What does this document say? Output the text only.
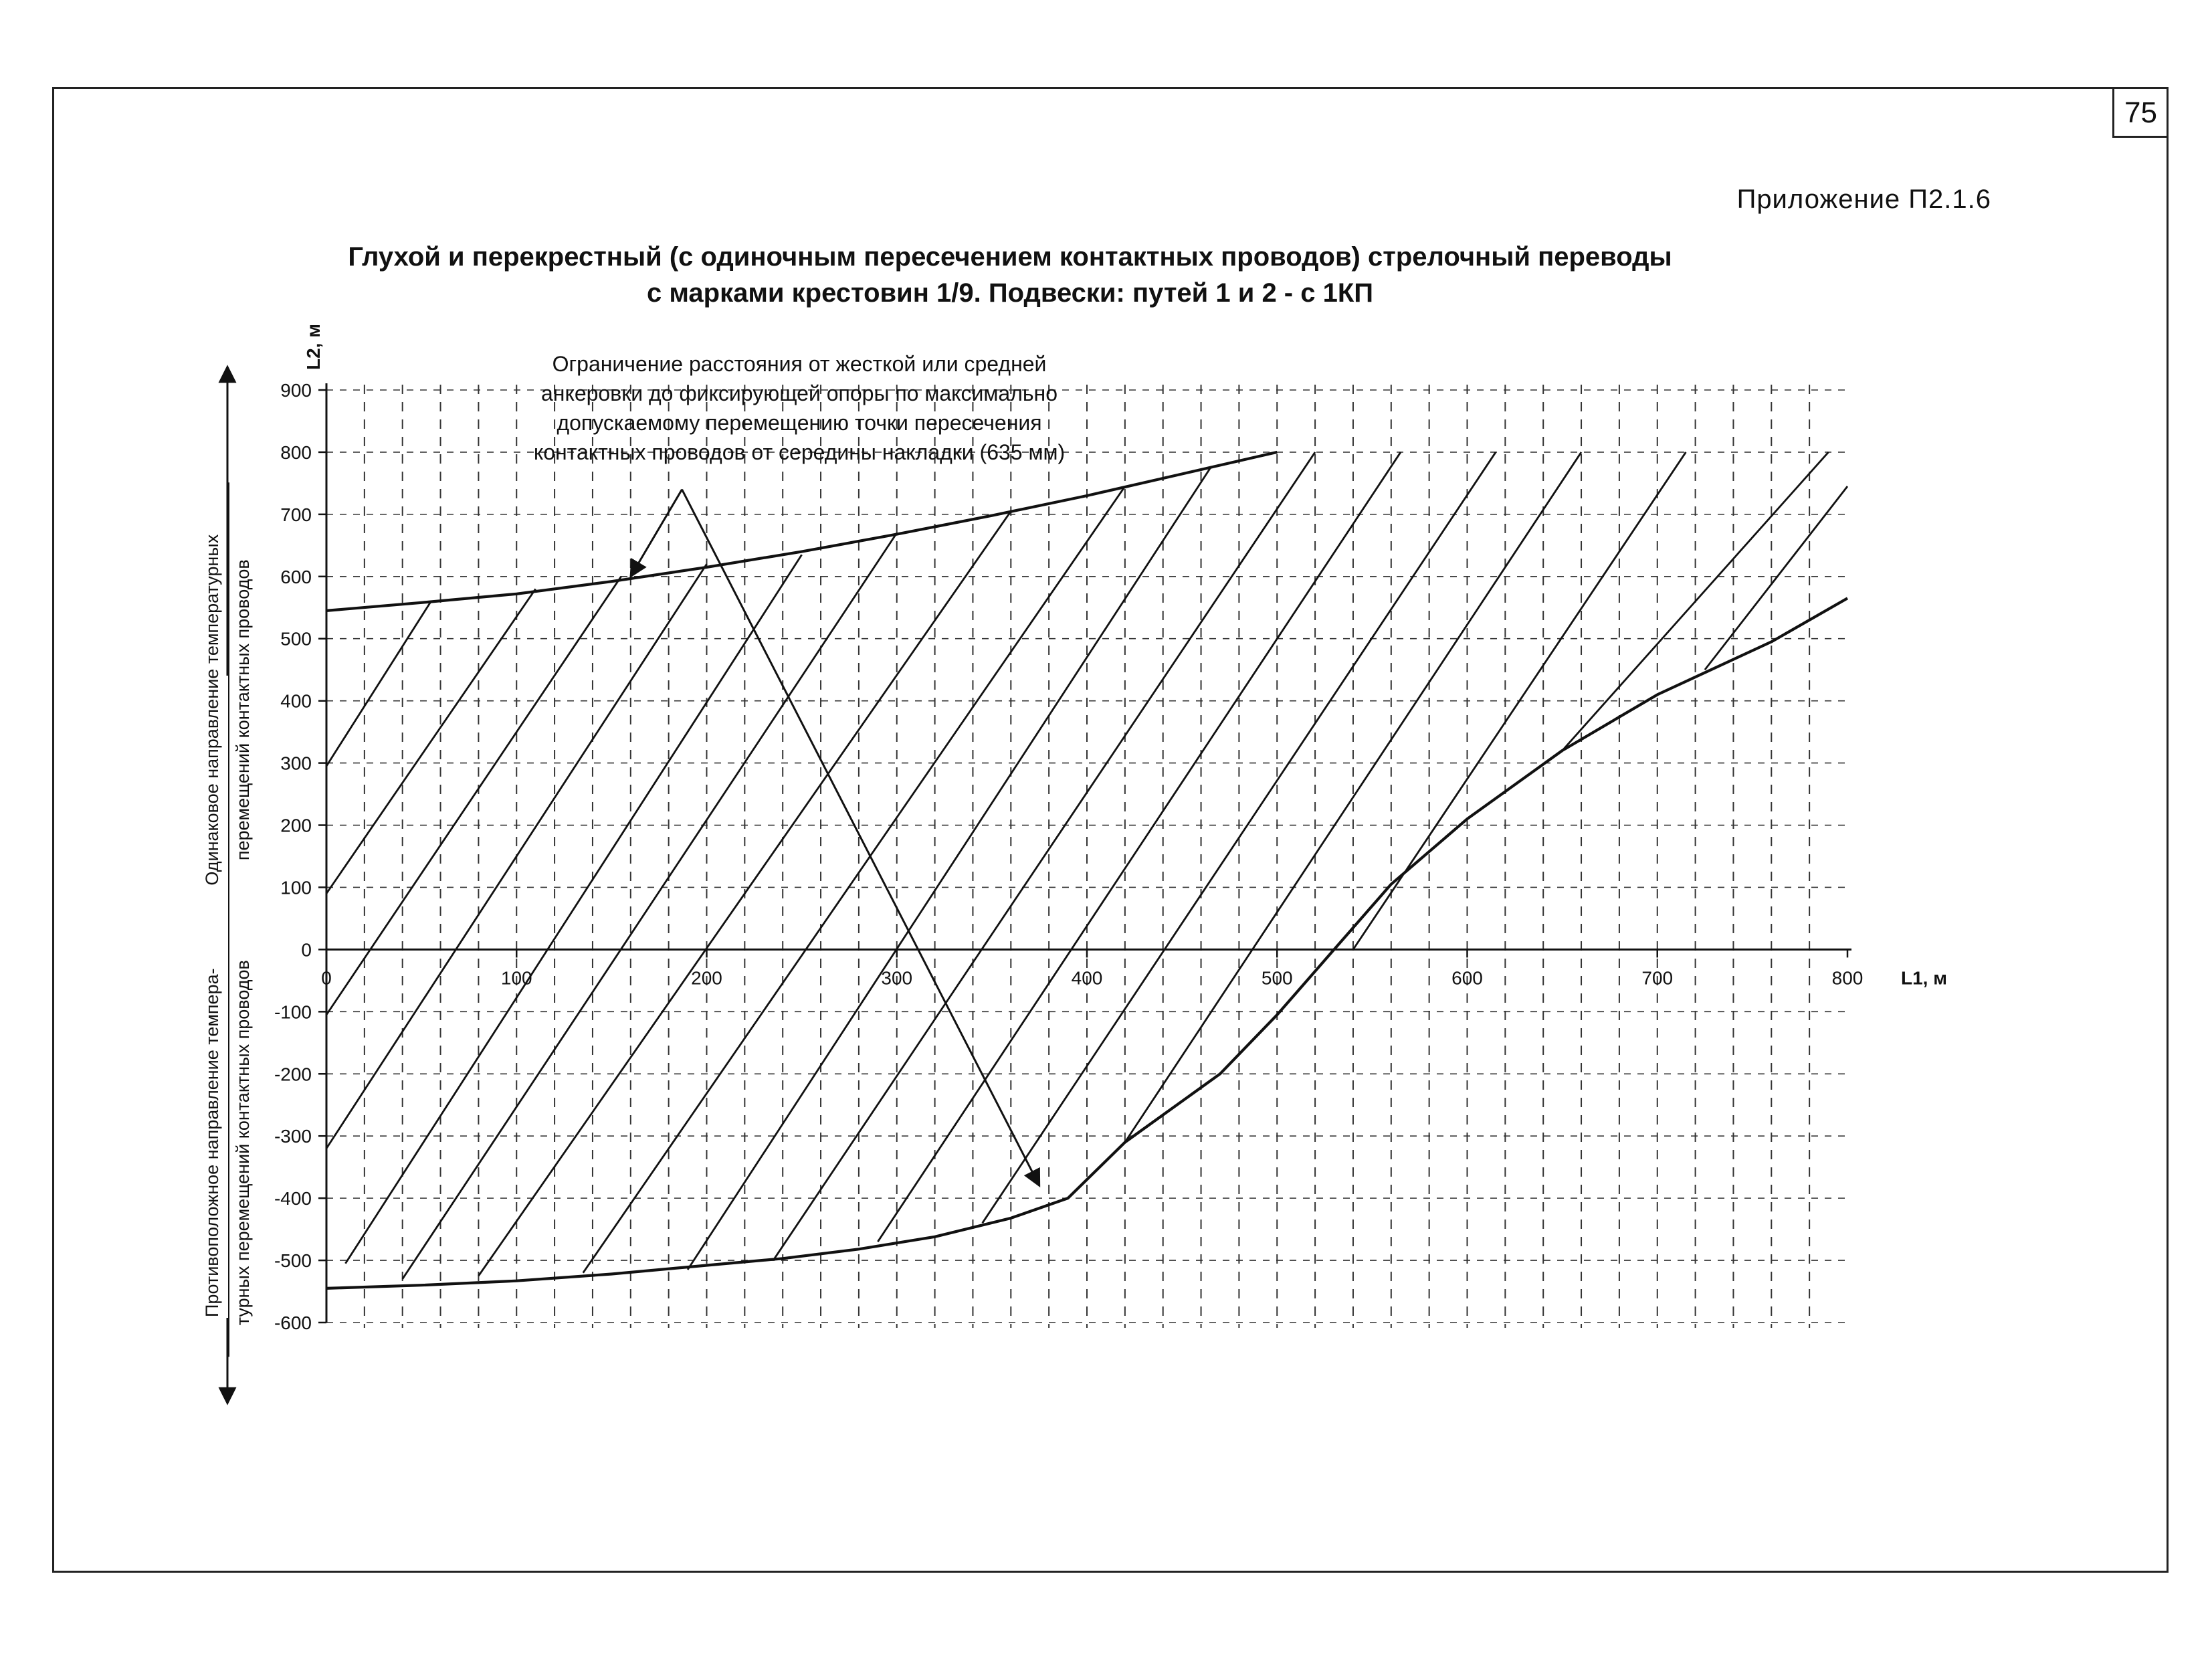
75
Приложение П2.1.6
Глухой и перекрестный (с одиночным пересечением контактных проводов) стрелочный переводы
с марками крестовин 1/9. Подвески: путей 1 и 2 - с 1КП
900
800
700
600
500
400
300
200
100
0
-100
-200
-300
-400
-500
-600
0	100	200	300	400	500	600	700	800 L1, м
L2, м	Ограничение расстояния от жесткой или средней
анкеровки до фиксирующей опоры по максимально
допускаемому перемещению точки пересечения
контактных проводов от середины накладки (635 мм)
Одинаковое направление температурных перемещений контактных проводов
Противоположное направление темпера- турных перемещений контактных проводов
